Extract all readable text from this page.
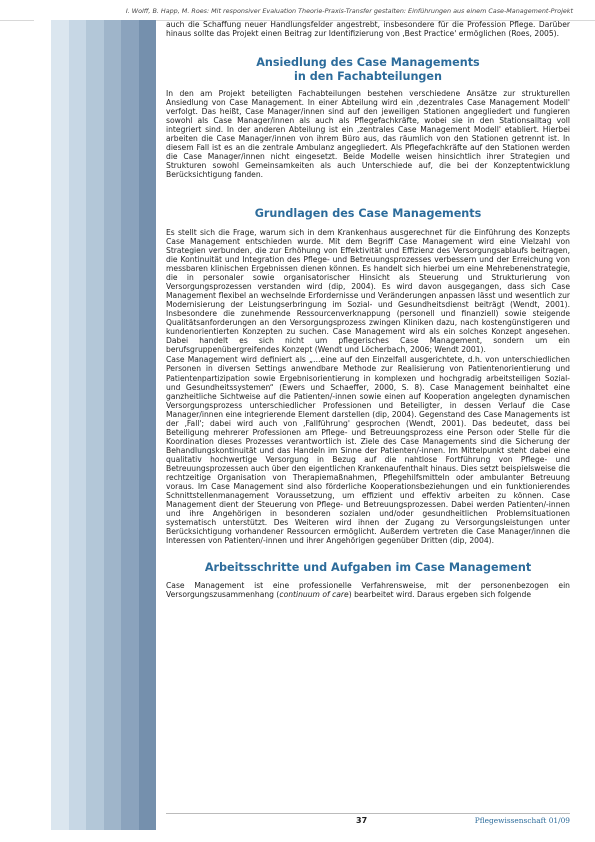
I. Wolff, B. Happ, M. Roes: Mit responsiver Evaluation Theorie-Praxis-Transfer gestalten: Einführungen aus einem Case-Management-Projekt

auch die Schaffung neuer Handlungsfelder angestrebt, insbesondere für die Profession Pflege. Darüber hinaus sollte das Projekt einen Beitrag zur Identifizierung von ‚Best Practice' ermöglichen (Roes, 2005).

Ansiedlung des Case Managements
in den Fachabteilungen

In den am Projekt beteiligten Fachabteilungen bestehen verschiedene Ansätze zur strukturellen Ansiedlung von Case Management. In einer Abteilung wird ein ‚dezentrales Case Management Modell' verfolgt. Das heißt, Case Manager/innen sind auf den jeweiligen Stationen angegliedert und fungieren sowohl als Case Manager/innen als auch als Pflegefachkräfte, wobei sie in den Stationsalltag voll integriert sind. In der anderen Abteilung ist ein ‚zentrales Case Management Modell' etabliert. Hierbei arbeiten die Case Manager/innen von ihrem Büro aus, das räumlich von den Stationen getrennt ist. In diesem Fall ist es an die zentrale Ambulanz angegliedert. Als Pflegefachkräfte auf den Stationen werden die Case Manager/innen nicht eingesetzt. Beide Modelle weisen hinsichtlich ihrer Strategien und Strukturen sowohl Gemeinsamkeiten als auch Unterschiede auf, die bei der Konzeptentwicklung Berücksichtigung fanden.

Grundlagen des Case Managements

Es stellt sich die Frage, warum sich in dem Krankenhaus ausgerechnet für die Einführung des Konzepts Case Management entschieden wurde. Mit dem Begriff Case Management wird eine Vielzahl von Strategien verbunden, die zur Erhöhung von Effektivität und Effizienz des Versorgungsablaufs beitragen, die Kontinuität und Integration des Pflege- und Betreuungsprozesses verbessern und der Erreichung von messbaren klinischen Ergebnissen dienen können. Es handelt sich hierbei um eine Mehrebenenstrategie, die in personaler sowie organisatorischer Hinsicht als Steuerung und Strukturierung von Versorgungsprozessen verstanden wird (dip, 2004). Es wird davon ausgegangen, dass sich Case Management flexibel an wechselnde Erfordernisse und Veränderungen anpassen lässt und wesentlich zur Modernisierung der Leistungserbringung im Sozial- und Gesundheitsdienst beiträgt (Wendt, 2001). Insbesondere die zunehmende Ressourcenverknappung (personell und finanziell) sowie steigende Qualitätsanforderungen an den Versorgungsprozess zwingen Kliniken dazu, nach kostengünstigeren und kundenorientierten Konzepten zu suchen. Case Management wird als ein solches Konzept angesehen. Dabei handelt es sich nicht um pflegerisches Case Management, sondern um ein berufsgruppenübergreifendes Konzept (Wendt und Löcherbach, 2006; Wendt 2001).

Case Management wird definiert als „…eine auf den Einzelfall ausgerichtete, d.h. von unterschiedlichen Personen in diversen Settings anwendbare Methode zur Realisierung von Patientenorientierung und Patientenpartizipation sowie Ergebnisorientierung in komplexen und hochgradig arbeitsteiligen Sozial- und Gesundheitssystemen“ (Ewers und Schaeffer, 2000, S. 8). Case Management beinhaltet eine ganzheitliche Sichtweise auf die Patienten/-innen sowie einen auf Kooperation angelegten dynamischen Versorgungsprozess unterschiedlicher Professionen und Beteiligter, in dessen Verlauf die Case Manager/innen eine integrierende Element darstellen (dip, 2004). Gegenstand des Case Managements ist der ‚Fall'; dabei wird auch von ‚Fallführung' gesprochen (Wendt, 2001). Das bedeutet, dass bei Beteiligung mehrerer Professionen am Pflege- und Betreuungsprozess eine Person oder Stelle für die Koordination dieses Prozesses verantwortlich ist. Ziele des Case Managements sind die Sicherung der Behandlungskontinuität und das Handeln im Sinne der Patienten/-innen. Im Mittelpunkt steht dabei eine qualitativ hochwertige Versorgung in Bezug auf die nahtlose Fortführung von Pflege- und Betreuungsprozessen auch über den eigentlichen Krankenaufenthalt hinaus. Dies setzt beispielsweise die rechtzeitige Organisation von Therapiemaßnahmen, Pflegehilfsmitteln oder ambulanter Betreuung voraus. Im Case Management sind also förderliche Kooperationsbeziehungen und ein funktionierendes Schnittstellenmanagement Voraussetzung, um effizient und effektiv arbeiten zu können. Case Management dient der Steuerung von Pflege- und Betreuungsprozessen. Dabei werden Patienten/-innen und ihre Angehörigen in besonderen sozialen und/oder gesundheitlichen Problemsituationen systematisch unterstützt. Des Weiteren wird ihnen der Zugang zu Versorgungsleistungen unter Berücksichtigung vorhandener Ressourcen ermöglicht. Außerdem vertreten die Case Manager/innen die Interessen von Patienten/-innen und ihrer Angehörigen gegenüber Dritten (dip, 2004).

Arbeitsschritte und Aufgaben im Case Management

Case Management ist eine professionelle Verfahrensweise, mit der personenbezogen ein Versorgungszusammenhang (continuum of care) bearbeitet wird. Daraus ergeben sich folgende

37	Pflegewissenschaft 01/09
